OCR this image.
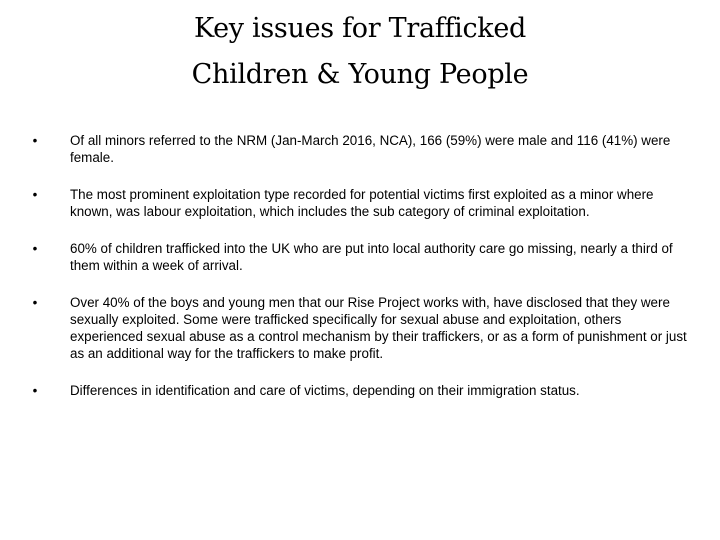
Key issues for Trafficked
Children & Young People
• Of all minors referred to the NRM (Jan-March 2016, NCA), 166 (59%) were male and 116 (41%) were female.
• The most prominent exploitation type recorded for potential victims first exploited as a minor where known, was labour exploitation, which includes the sub category of criminal exploitation.
• 60% of children trafficked into the UK who are put into local authority care go missing, nearly a third of them within a week of arrival.
• Over 40% of the boys and young men that our Rise Project works with, have disclosed that they were sexually exploited. Some were trafficked specifically for sexual abuse and exploitation, others experienced sexual abuse as a control mechanism by their traffickers, or as a form of punishment or just as an additional way for the traffickers to make profit.
• Differences in identification and care of victims, depending on their immigration status.
